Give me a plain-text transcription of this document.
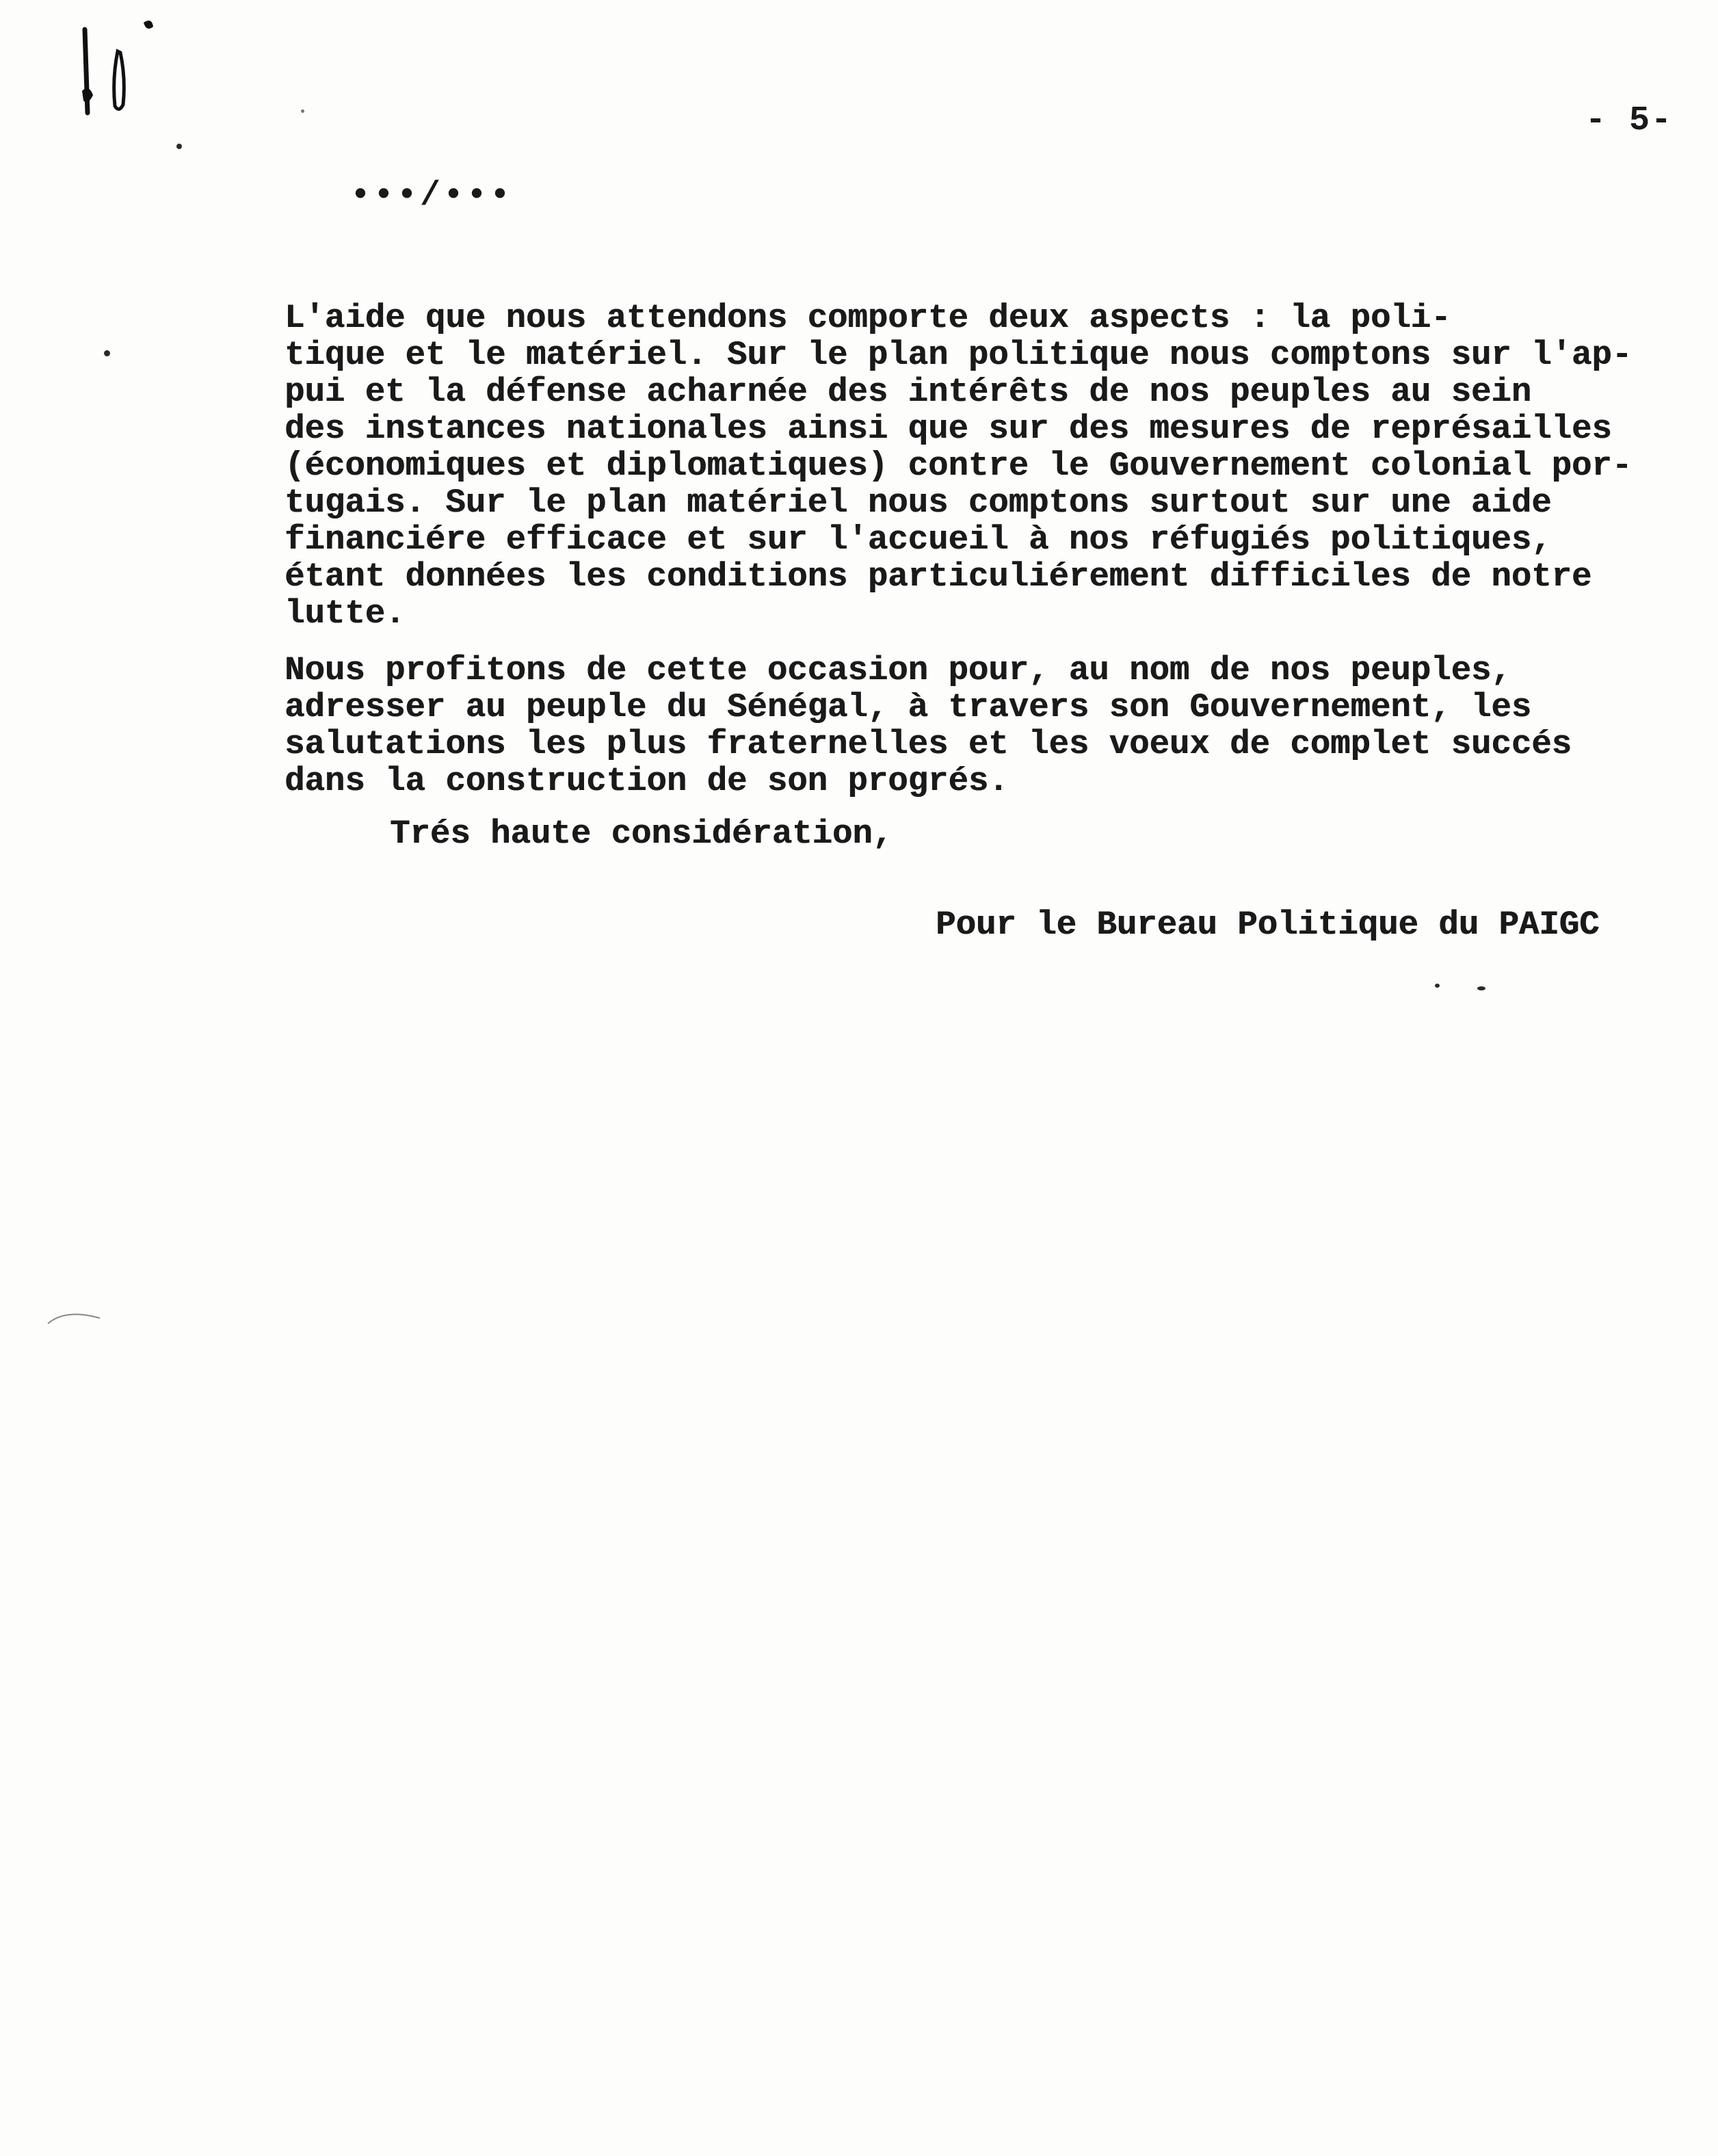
- 5-
•••/•••

L'aide que nous attendons comporte deux aspects : la poli-
tique et le matériel. Sur le plan politique nous comptons sur l'ap-
pui et la défense acharnée des intérêts de nos peuples au sein
des instances nationales ainsi que sur des mesures de représailles
(économiques et diplomatiques) contre le Gouvernement colonial por-
tugais. Sur le plan matériel nous comptons surtout sur une aide
financiére efficace et sur l'accueil à nos réfugiés politiques,
étant données les conditions particuliérement difficiles de notre
lutte.

Nous profitons de cette occasion pour, au nom de nos peuples,
adresser au peuple du Sénégal, à travers son Gouvernement, les
salutations les plus fraternelles et les voeux de complet succés
dans la construction de son progrés.

Trés haute considération,

Pour le Bureau Politique du PAIGC
